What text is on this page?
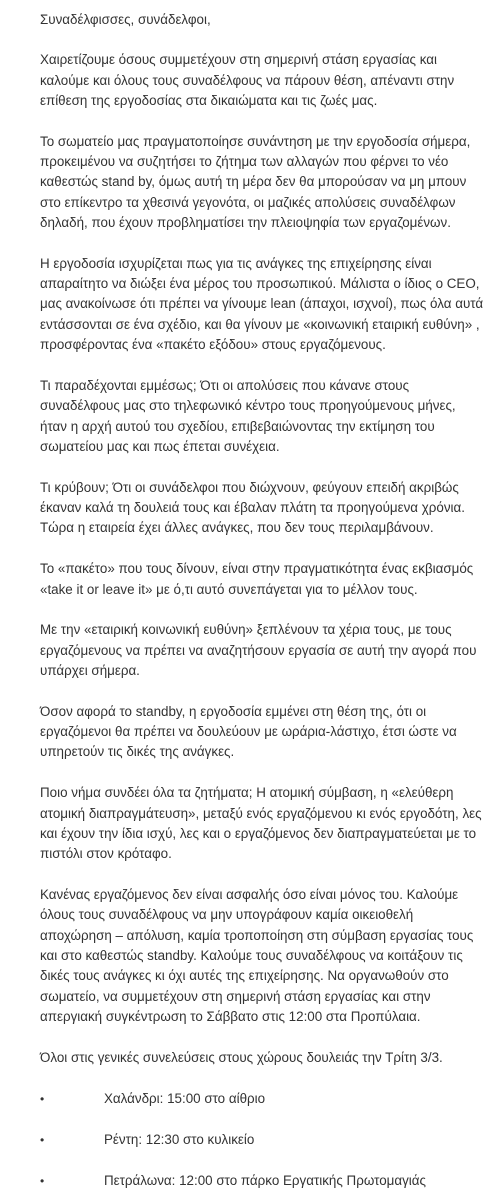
Συναδέλφισσες, συνάδελφοι,

Χαιρετίζουμε όσους συμμετέχουν στη σημερινή στάση εργασίας και καλούμε και όλους τους συναδέλφους να πάρουν θέση, απέναντι στην επίθεση της εργοδοσίας στα δικαιώματα και τις ζωές μας.

Το σωματείο μας πραγματοποίησε συνάντηση με την εργοδοσία σήμερα, προκειμένου να συζητήσει το ζήτημα των αλλαγών που φέρνει το νέο καθεστώς stand by, όμως αυτή τη μέρα δεν θα μπορούσαν να μη μπουν στο επίκεντρο τα χθεσινά γεγονότα, οι μαζικές απολύσεις συναδέλφων δηλαδή, που έχουν προβληματίσει την πλειοψηφία των εργαζομένων.

Η εργοδοσία ισχυρίζεται πως για τις ανάγκες της επιχείρησης είναι απαραίτητο να διώξει ένα μέρος του προσωπικού. Μάλιστα ο ίδιος ο CEO, μας ανακοίνωσε ότι πρέπει να γίνουμε lean (άπαχοι, ισχνοί), πως όλα αυτά εντάσσονται σε ένα σχέδιο, και θα γίνουν με «κοινωνική εταιρική ευθύνη» , προσφέροντας ένα «πακέτο εξόδου» στους εργαζόμενους.

Τι παραδέχονται εμμέσως; Ότι οι απολύσεις που κάνανε στους συναδέλφους μας στο τηλεφωνικό κέντρο τους προηγούμενους μήνες, ήταν η αρχή αυτού του σχεδίου, επιβεβαιώνοντας την εκτίμηση του σωματείου μας και πως έπεται συνέχεια.

Τι κρύβουν; Ότι οι συνάδελφοι που διώχνουν, φεύγουν επειδή ακριβώς έκαναν καλά τη δουλειά τους και έβαλαν πλάτη τα προηγούμενα χρόνια. Τώρα η εταιρεία έχει άλλες ανάγκες, που δεν τους περιλαμβάνουν.

Το «πακέτο» που τους δίνουν, είναι στην πραγματικότητα ένας εκβιασμός «take it or leave it» με ό,τι αυτό συνεπάγεται για το μέλλον τους.

Με την «εταιρική κοινωνική ευθύνη» ξεπλένουν τα χέρια τους, με τους εργαζόμενους να πρέπει να αναζητήσουν εργασία σε αυτή την αγορά που υπάρχει σήμερα.

Όσον αφορά το standby, η εργοδοσία εμμένει στη θέση της, ότι οι εργαζόμενοι θα πρέπει να δουλεύουν με ωράρια-λάστιχο, έτσι ώστε να υπηρετούν τις δικές της ανάγκες.

Ποιο νήμα συνδέει όλα τα ζητήματα; Η ατομική σύμβαση, η «ελεύθερη ατομική διαπραγμάτευση», μεταξύ ενός εργαζόμενου κι ενός εργοδότη, λες και έχουν την ίδια ισχύ, λες και ο εργαζόμενος δεν διαπραγματεύεται με το πιστόλι στον κρόταφο.

Κανένας εργαζόμενος δεν είναι ασφαλής όσο είναι μόνος του. Καλούμε όλους τους συναδέλφους να μην υπογράφουν καμία οικειοθελή αποχώρηση – απόλυση, καμία τροποποίηση στη σύμβαση εργασίας τους και στο καθεστώς standby. Καλούμε τους συναδέλφους να κοιτάξουν τις δικές τους ανάγκες κι όχι αυτές της επιχείρησης. Να οργανωθούν στο σωματείο, να συμμετέχουν στη σημερινή στάση εργασίας και στην απεργιακή συγκέντρωση το Σάββατο στις 12:00 στα Προπύλαια.

Όλοι στις γενικές συνελεύσεις στους χώρους δουλειάς την Τρίτη 3/3.

•	Χαλάνδρι: 15:00 στο αίθριο
•	Ρέντη: 12:30 στο κυλικείο
•	Πετράλωνα: 12:00 στο πάρκο Εργατικής Πρωτομαγιάς
